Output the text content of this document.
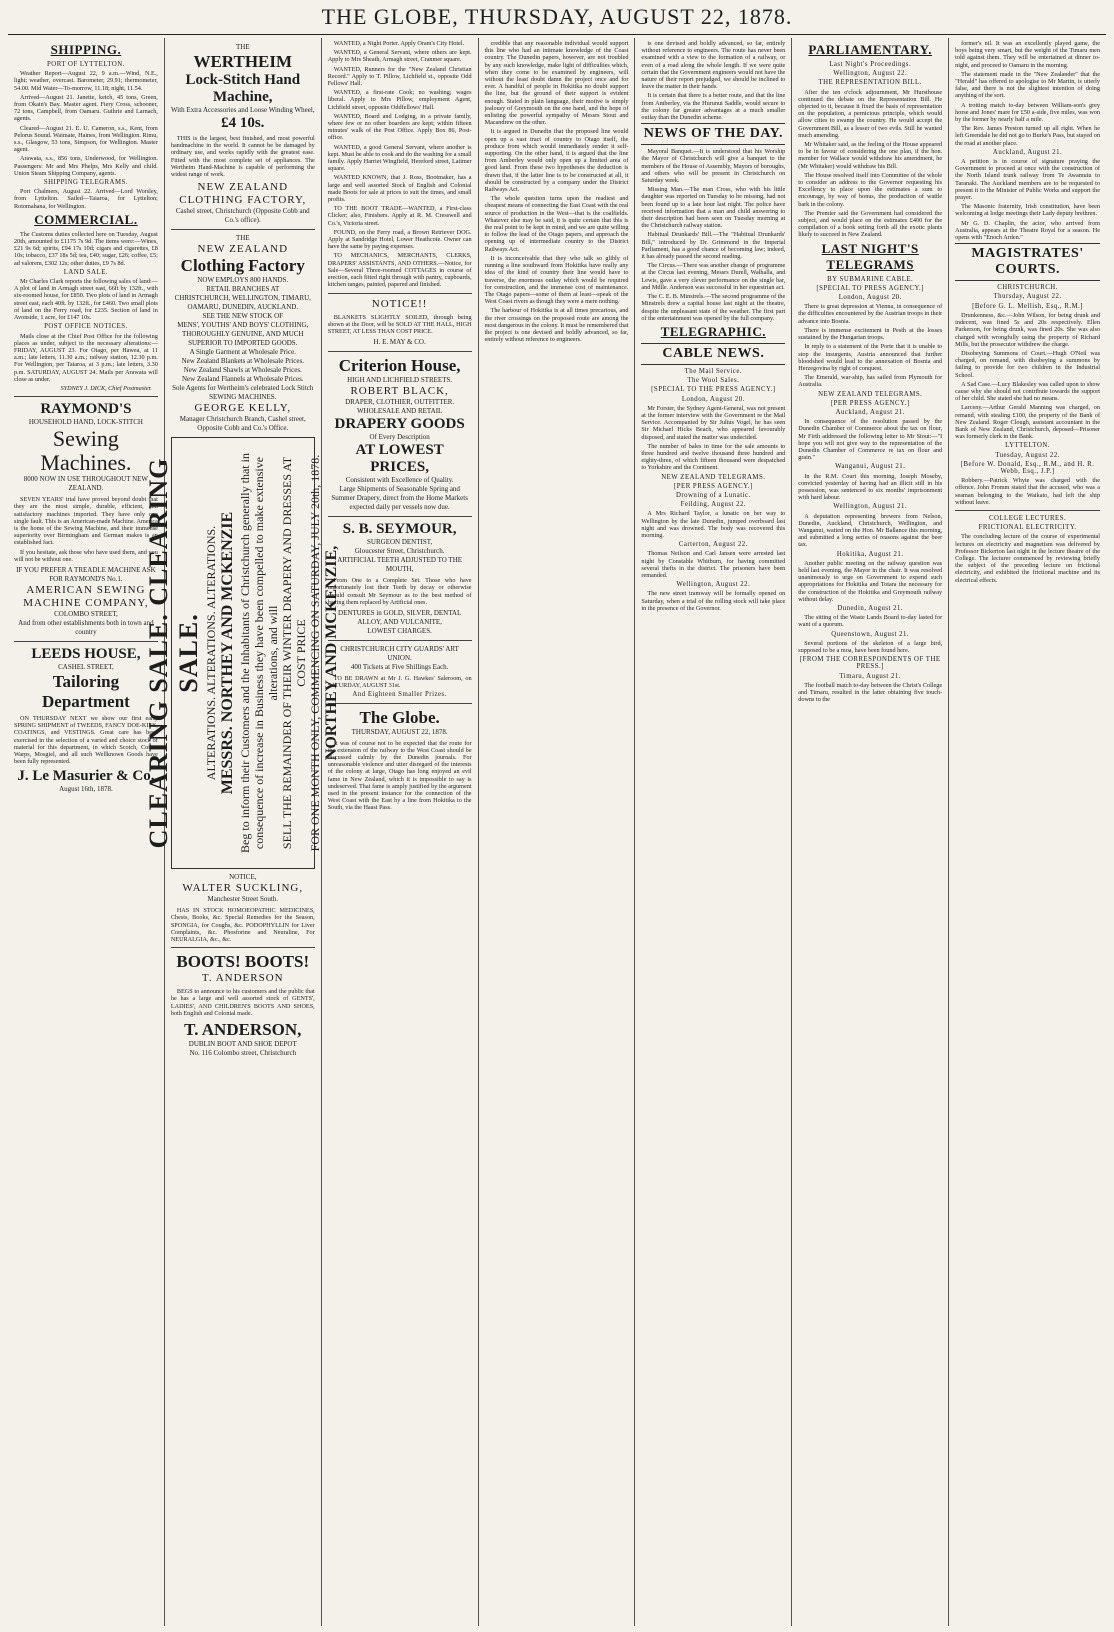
THE GLOBE, THURSDAY, AUGUST 22, 1878.
SHIPPING.
PORT OF LYTTELTON.

Weather Report—August 22, 9 a.m.—Wind, N.E., light; weather, overcast. Barometer, 29.91; thermometer, 54.00. Mid Water—To-morrow, 11.18; night, 11.54.

Arrived—August 21. Janette, ketch, 45 tons, Green, from Okain's Bay. Master agent. Fiery Cross, schooner, 72 tons, Campbell, from Oamaru. Guthrie and Larnach, agents.

Cleared—August 21. E. U. Cameron, s.s., Kent, from Pelorus Sound. Waimate, Haines, from Wellington. Rimu, s.s., Glasgow, 53 tons, Simpson, for Wellington. Master agent.

Arawata, s.s., 856 tons, Underwood, for Wellington. Passengers: Mr and Mrs Phelps, Mrs Kelly and child. Union Steam Shipping Company, agents.

SHIPPING TELEGRAMS.

Port Chalmers, August 22. Arrived—Lord Worsley, from Lyttelton. Sailed—Taiaroa, for Lyttelton; Rotomahana, for Wellington.

COMMERCIAL.

The Customs duties collected here on Tuesday, August 20th, amounted to £1175 7s 9d. The items were:—Wines, £21 9s 6d; spirits, £94 17s 10d; cigars and cigarettes, £8 10s; tobacco, £37 18s 5d; tea, £40; sugar, £26; coffee, £5; ad valorem, £302 12s; other duties, £9 7s 8d.

LAND SALE.

Mr Charles Clark reports the following sales of land:—A plot of land in Armagh street east, 66ft by 132ft., with six-roomed house, for £850. Two plots of land in Armagh street east, each 40ft. by 132ft., for £460. Two small plots of land on the Ferry road, for £235. Section of land in Avonside, 1 acre, for £147 10s.

POST OFFICE NOTICES.

Mails close at the Chief Post Office for the following places as under, subject to the necessary alterations:—FRIDAY, AUGUST 23. For Otago, per Hawea, at 11 a.m.; late letters, 11.30 a.m.; railway station, 12.30 p.m. For Wellington, per Taiaroa, at 3 p.m.; late letters, 3.30 p.m. SATURDAY, AUGUST 24. Mails per Arawata will close as under.

SYDNEY J. DICK, Chief Postmaster.
RAYMOND'S
HOUSEHOLD HAND, LOCK-STITCH
Sewing Machines.
8000 NOW IN USE THROUGHOUT NEW ZEALAND.

SEVEN YEARS' trial have proved beyond doubt that they are the most simple, durable, efficient, and satisfactory machines imported. They have only one single fault. This is an American-made Machine. America is the home of the Sewing Machine, and their immense superiority over Birmingham and German makes is an established fact.

If you hesitate, ask those who have used them, and you will not be without one.

IF YOU PREFER A TREADLE MACHINE ASK FOR RAYMOND'S No.1.
AMERICAN SEWING MACHINE COMPANY,
COLOMBO STREET,
And from other establishments both in town and country
LEEDS HOUSE,
CASHEL STREET,
Tailoring Department

ON THURSDAY NEXT we show our first early SPRING SHIPMENT of TWEEDS, FANCY DOE-KINS, COATINGS, and VESTINGS. Great care has been exercised in the selection of a varied and choice stock of material for this department, in which Scotch, Cotton Warps, Mosgiel, and all such Wellknown Goods have been fully represented.

J. Le Masurier & Co.
August 16th, 1878.
THE
WERTHEIM
Lock-Stitch Hand Machine,
With Extra Accessories and Loose Winding Wheel,
£4 10s.

THIS is the largest, best finished, and most powerful handmachine in the world. It cannot be be damaged by ordinary use, and works rapidly with the greatest ease. Fitted with the most complete set of appliances. The Wertheim Hand-Machine is capable of performing the widest range of work.

NEW ZEALAND CLOTHING FACTORY,
Cashel street, Christchurch (Opposite Cobb and Co.'s office).
THE
NEW ZEALAND
Clothing Factory
NOW EMPLOYS 800 HANDS.
RETAIL BRANCHES AT
CHRISTCHURCH, WELLINGTON, TIMARU, OAMARU, DUNEDIN, AUCKLAND.
SEE THE NEW STOCK OF
MENS', YOUTHS' AND BOYS' CLOTHING, THOROUGHLY GENUINE, AND MUCH SUPERIOR TO IMPORTED GOODS.
A Single Garment at Wholesale Price.
New Zealand Blankets at Wholesale Prices.
New Zealand Shawls at Wholesale Prices.
New Zealand Flannels at Wholesale Prices.
Sole Agents for Wertheim's celebrated Lock Stitch SEWING MACHINES.
GEORGE KELLY,
Manager Christchurch Branch, Cashel street, Opposite Cobb and Co.'s Office.
CLEARING SALE. CLEARING SALE. ALTERATIONS. ALTERATIONS. ALTERATIONS. MESSRS. NORTHEY AND MCKENZIE Beg to inform their Customers and the Inhabitants of Christchurch generally that in consequence of increase in Business they have been compelled to make extensive alterations, and will SELL THE REMAINDER OF THEIR WINTER DRAPERY AND DRESSES AT COST PRICE FOR ONE MONTH ONLY, COMMENCING ON SATURDAY, JULY 20th, 1878. NORTHEY AND MCKENZIE,
NOTICE,
WALTER SUCKLING,
Manchester Street South.

HAS IN STOCK HOMOEOPATHIC MEDICINES, Chests, Books, &c. Special Remedies for the Season, SPONGIA, for Coughs, &c. PODOPHYLLIN for Liver Complaints, &c. Phosforine and Neuraline, For NEURALGIA, &c., &c.

BOOTS! BOOTS!
T. ANDERSON

BEGS to announce to his customers and the public that he has a large and well assorted stock of GENTS', LADIES', AND CHILDREN'S BOOTS AND SHOES, both English and Colonial made.

T. ANDERSON,
DUBLIN BOOT AND SHOE DEPOT
No. 116 Colombo street, Christchurch

WANTED, a Night Porter. Apply Oram's City Hotel.

WANTED, a General Servant, where others are kept. Apply to Mrs Sheath, Armagh street, Cranmer square.

WANTED, Runners for the "New Zealand Christian Record." Apply to T. Pillow, Lichfield st., opposite Odd Fellows' Hall.

WANTED, a first-rate Cook; no washing; wages liberal. Apply to Mrs Pillow, employment Agent, Lichfield street, opposite Oddfellows' Hall.

WANTED, Board and Lodging, in a private family, where few or no other boarders are kept; within fifteen minutes' walk of the Post Office. Apply Box 86, Post-office.

WANTED, a good General Servant, where another is kept. Must be able to cook and do the washing for a small family. Apply Harriet Wingfield, Hereford street, Latimer square.

WANTED KNOWN, that J. Ross, Bootmaker, has a large and well assorted Stock of English and Colonial made Boots for sale at prices to suit the times, and small profits.

TO THE BOOT TRADE—WANTED, a First-class Clicker; also, Finishers. Apply at R. M. Cresswell and Co.'s, Victoria street.

FOUND, on the Ferry road, a Brown Retriever DOG. Apply at Sandridge Hotel, Lower Heathcote. Owner can have the same by paying expenses.

TO MECHANICS, MERCHANTS, CLERKS, DRAPERS' ASSISTANTS, AND OTHERS.—Notice, for Sale—Several Three-roomed COTTAGES in course of erection, each fitted right through with pantry, cupboards, kitchen ranges, painted, papered and finished.

NOTICE!!

BLANKETS SLIGHTLY SOILED, through being shown at the Door, will be SOLD AT THE HALL, HIGH STREET, AT LESS THAN COST PRICE.

H. E. MAY & CO.
Criterion House,
HIGH AND LICHFIELD STREETS.
ROBERT BLACK,
DRAPER, CLOTHIER, OUTFITTER.
WHOLESALE AND RETAIL
DRAPERY GOODS
Of Every Description
AT LOWEST PRICES,
Consistent with Excellence of Quality.
Large Shipments of Seasonable Spring and Summer Drapery, direct from the Home Markets expected daily per vessels now due.
S. B. SEYMOUR,
SURGEON DENTIST,
Gloucester Street, Christchurch.
ARTIFICIAL TEETH ADJUSTED TO THE MOUTH,

From One to a Complete Set. Those who have unfortunately lost their Teeth by decay or otherwise should consult Mr Seymour as to the best method of having them replaced by Artificial ones.

DENTURES in GOLD, SILVER, DENTAL ALLOY, AND VULCANITE,
LOWEST CHARGES.
CHRISTCHURCH CITY GUARDS' ART UNION.
400 Tickets at Five Shillings Each.

TO BE DRAWN at Mr J. G. Hawkes' Saleroom, on SATURDAY, AUGUST 31st.

And Eighteen Smaller Prizes.
The Globe.
THURSDAY, AUGUST 22, 1878.

It was of course not to be expected that the route for the extension of the railway to the West Coast should be discussed calmly by the Dunedin journals. For unreasonable violence and utter disregard of the interests of the colony at large, Otago has long enjoyed an evil fame in New Zealand, which it is impossible to say is undeserved. That fame is amply justified by the argument used in the present instance for the connection of the West Coast with the East by a line from Hokitika to the South, via the Haast Pass.

credible that any reasonable individual would support this line who had an intimate knowledge of the Coast country. The Dunedin papers, however, are not troubled by any such knowledge, make light of difficulties which, when they come to be examined by engineers, will without the least doubt damn the project once and for ever. A handful of people in Hokitika no doubt support the line, but the ground of their support is evident enough. Stated in plain language, their motive is simply jealousy of Greymouth on the one hand, and the hope of enlisting the powerful sympathy of Messrs Stout and Macandrew on the other.

It is argued in Dunedin that the proposed line would open up a vast tract of country to Otago itself, the produce from which would immediately render it self-supporting. On the other hand, it is argued that the line from Amberley would only open up a limited area of good land. From these two hypotheses the deduction is drawn that, if the latter line is to be constructed at all, it should be constructed by a company under the District Railways Act.

The whole question turns upon the readiest and cheapest means of connecting the East Coast with the real source of production in the West—that is the coalfields. Whatever else may be said, it is quite certain that this is the real point to be kept in mind, and we are quite willing to follow the lead of the Otago papers, and approach the opening up of intermediate country to the District Railways Act.

It is inconceivable that they who talk so glibly of running a line southward from Hokitika have really any idea of the kind of country their line would have to traverse, the enormous outlay which would be required for construction, and the immense cost of maintenance. The Otago papers—some of them at least—speak of the West Coast rivers as though they were a mere nothing.

The harbour of Hokitika is at all times precarious, and the river crossings on the proposed route are among the most dangerous in the colony. It must be remembered that the project is one devised and boldly advanced, so far, entirely without reference to engineers.

is one devised and boldly advanced, so far, entirely without reference to engineers. The route has never been examined with a view to the formation of a railway, or even of a road along the whole length. If we were quite certain that the Government engineers would not have the nature of their report prejudged, we should be inclined to leave the matter in their hands.

It is certain that there is a better route, and that the line from Amberley, via the Hurunui Saddle, would secure to the colony far greater advantages at a much smaller outlay than the Dunedin scheme.

NEWS OF THE DAY.

Mayoral Banquet.—It is understood that his Worship the Mayor of Christchurch will give a banquet to the members of the House of Assembly, Mayors of boroughs, and others who will be present in Christchurch on Saturday week.

Missing Man.—The man Cross, who with his little daughter was reported on Tuesday to be missing, had not been found up to a late hour last night. The police have received information that a man and child answering to their description had been seen on Tuesday morning at the Christchurch railway station.

Habitual Drunkards' Bill.—The "Habitual Drunkards' Bill," introduced by Dr. Grimmond in the Imperial Parliament, has a good chance of becoming law; indeed, it has already passed the second reading.

The Circus.—There was another change of programme at the Circus last evening, Messrs Durell, Walhalla, and Lewis, gave a very clever performance on the single bar, and Mdlle. Anderson was successful in her equestrian act.

The C. E. B. Minstrels.—The second programme of the Minstrels drew a capital house last night at the theatre, despite the unpleasant state of the weather. The first part of the entertainment was opened by the full company.

TELEGRAPHIC.
CABLE NEWS.
The Mail Service.
The Wool Sales.
[SPECIAL TO THE PRESS AGENCY.]
London, August 20.

Mr Forster, the Sydney Agent-General, was not present at the former interview with the Government re the Mail Service. Accompanied by Sir Julius Vogel, he has seen Sir Michael Hicks Beach, who appeared favourably disposed, and stated the matter was undecided.

The number of bales in time for the sale amounts to three hundred and twelve thousand three hundred and eighty-three, of which fifteen thousand were despatched to Yorkshire and the Continent.

NEW ZEALAND TELEGRAMS.
[PER PRESS AGENCY.]
Drowning of a Lunatic.
Feilding, August 22.

A Mrs Richard Taylor, a lunatic on her way to Wellington by the late Dunedin, jumped overboard last night and was drowned. The body was recovered this morning.

Carterton, August 22.

Thomas Neilson and Carl Jansen were arrested last night by Constable Whitburn, for having committed several thefts in the district. The prisoners have been remanded.

Wellington, August 22.

The new street tramway will be formally opened on Saturday, when a trial of the rolling stock will take place in the presence of the Governor.

PARLIAMENTARY.
Last Night's Proceedings.
Wellington, August 22.
THE REPRESENTATION BILL.

After the ten o'clock adjournment, Mr Hursthouse continued the debate on the Representation Bill. He objected to it, because it fixed the basis of representation on the population, a pernicious principle, which would allow cities to swamp the country. He would accept the Government Bill, as a lesser of two evils. Still he wanted much amending.

Mr Whitaker said, as the feeling of the House appeared to be in favour of considering the one plan, if the hon. member for Wallace would withdraw his amendment, he (Mr Whitaker) would withdraw his Bill.

The House resolved itself into Committee of the whole to consider an address to the Governor requesting his Excellency to place upon the estimates a sum to encourage, by way of bonus, the production of wattle bark in the colony.

The Premier said the Government had considered the subject, and would place on the estimates £400 for the compilation of a book setting forth all the exotic plants likely to succeed in New Zealand.

LAST NIGHT'S TELEGRAMS
BY SUBMARINE CABLE.
[SPECIAL TO PRESS AGENCY.]
London, August 20.

There is great depression at Vienna, in consequence of the difficulties encountered by the Austrian troops in their advance into Bosnia.

There is immense excitement in Pesth at the losses sustained by the Hungarian troops.

In reply to a statement of the Porte that it is unable to stop the insurgents, Austria announced that further bloodshed would lead to the annexation of Bosnia and Herzegovina by right of conquest.

The Emerald, war-ship, has sailed from Plymouth for Australia.

NEW ZEALAND TELEGRAMS.
[PER PRESS AGENCY.]
Auckland, August 21.

In consequence of the resolution passed by the Dunedin Chamber of Commerce about the tax on flour, Mr Firth addressed the following letter to Mr Stout:—"I hope you will not give way to the representation of the Dunedin Chamber of Commerce re tax on flour and grain."

Wanganui, August 21.

In the R.M. Court this morning, Joseph Moseby, convicted yesterday of having had an illicit still in his possession, was sentenced to six months' imprisonment with hard labour.

Wellington, August 21.

A deputation representing brewers from Nelson, Dunedin, Auckland, Christchurch, Wellington, and Wanganui, waited on the Hon. Mr Ballance this morning, and submitted a long series of reasons against the beer tax.

Hokitika, August 21.

Another public meeting on the railway question was held last evening, the Mayor in the chair. It was resolved unanimously to urge on Government to expend such appropriations for Hokitika and Totara the necessary for the construction of the Hokitika and Greymouth railway without delay.

Dunedin, August 21.

The sitting of the Waste Lands Board to-day lasted for want of a quorum.

Queenstown, August 21.

Several portions of the skeleton of a large bird, supposed to be a moa, have been found here.

[FROM THE CORRESPONDENTS OF THE PRESS.]
Timaru, August 21.

The football match to-day between the Christ's College and Timaru, resulted in the latter obtaining five touch-downs to the

former's nil. It was an excellently played game, the boys being very smart, but the weight of the Timaru men told against them. They will be entertained at dinner to-night, and proceed to Oamaru in the morning.

The statement made in the "New Zealander" that the "Herald" has offered to apologise to Mr Martin, is utterly false, and there is not the slightest intention of doing anything of the sort.

A trotting match to-day between William-son's grey horse and Jones' mare for £50 a-side, five miles, was won by the former by nearly half a mile.

The Rev. James Preston turned up all right. When he left Greendale he did not go to Burke's Pass, but stayed on the road at another place.

Auckland, August 21.

A petition is in course of signature praying the Government to proceed at once with the construction of the North Island trunk railway from Te Awamutu to Taranaki. The Auckland members are to be requested to present it to the Minister of Public Works and support the prayer.

The Masonic fraternity, Irish constitution, have been welcoming at lodge meetings their Lady deputy brethren.

Mr G. D. Chaplin, the actor, who arrived from Australia, appears at the Theatre Royal for a season. He opens with "Enoch Arden."

MAGISTRATES' COURTS.
CHRISTCHURCH.
Thursday, August 22.
[Before G. L. Mellish, Esq., R.M.]

Drunkenness, &c.—John Wilson, for being drunk and indecent, was fined 5s and 20s respectively. Ellen Parkerson, for being drunk, was fined 20s. She was also charged with wrongfully using the property of Richard Mills, but the prosecutor withdrew the charge.

Disobeying Summons of Court.—Hugh O'Neil was charged, on remand, with disobeying a summons by failing to provide for two children in the Industrial School.

A Sad Case.—Lucy Blakesley was called upon to show cause why she should not contribute towards the support of her child. She stated she had no means.

Larceny.—Arthur Gerald Manning was charged, on remand, with stealing £100, the property of the Bank of New Zealand. Roger Clough, assistant accountant in the Bank of New Zealand, Christchurch, deposed—Prisoner was formerly clerk in the Bank.

LYTTELTON.
Tuesday, August 22.
[Before W. Donald, Esq., R.M., and H. R. Webb, Esq., J.P.]

Robbery.—Patrick Whyte was charged with the offence. John Fromm stated that the accused, who was a seaman belonging to the Waikato, had left the ship without leave.

COLLEGE LECTURES.
FRICTIONAL ELECTRICITY.

The concluding lecture of the course of experimental lectures on electricity and magnetism was delivered by Professor Bickerton last night in the lecture theatre of the College. The lecturer commenced by reviewing briefly the subject of the preceding lecture on frictional electricity, and exhibited the frictional machine and its electrical effects.
